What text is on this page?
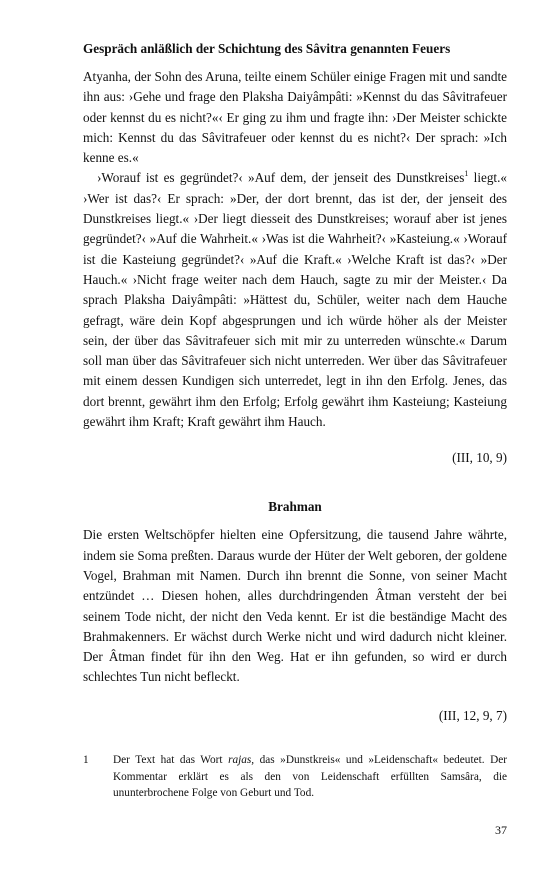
Gespräch anläßlich der Schichtung des Sâvitra genannten Feuers

Atyanha, der Sohn des Aruna, teilte einem Schüler einige Fragen mit und sandte ihn aus: ›Gehe und frage den Plaksha Daiyâmpâti: »Kennst du das Sâvitrafeuer oder kennst du es nicht?«‹ Er ging zu ihm und fragte ihn: ›Der Meister schickte mich: Kennst du das Sâvitrafeuer oder kennst du es nicht?‹ Der sprach: »Ich kenne es.«

›Worauf ist es gegründet?‹ »Auf dem, der jenseit des Dunstkreises$^1$ liegt.« ›Wer ist das?‹ Er sprach: »Der, der dort brennt, das ist der, der jenseit des Dunstkreises liegt.« ›Der liegt diesseit des Dunstkreises; worauf aber ist jenes gegründet?‹ »Auf die Wahrheit.« ›Was ist die Wahrheit?‹ »Kasteiung.« ›Worauf ist die Kasteiung gegründet?‹ »Auf die Kraft.« ›Welche Kraft ist das?‹ »Der Hauch.« ›Nicht frage weiter nach dem Hauch, sagte zu mir der Meister.‹ Da sprach Plaksha Daiyâmpâti: »Hättest du, Schüler, weiter nach dem Hauche gefragt, wäre dein Kopf abgesprungen und ich würde höher als der Meister sein, der über das Sâvitrafeuer sich mit mir zu unterreden wünschte.« Darum soll man über das Sâvitrafeuer sich nicht unterreden. Wer über das Sâvitrafeuer mit einem dessen Kundigen sich unterredet, legt in ihn den Erfolg. Jenes, das dort brennt, gewährt ihm den Erfolg; Erfolg gewährt ihm Kasteiung; Kasteiung gewährt ihm Kraft; Kraft gewährt ihm Hauch.

(III, 10, 9)

Brahman

Die ersten Weltschöpfer hielten eine Opfersitzung, die tausend Jahre währte, indem sie Soma preßten. Daraus wurde der Hüter der Welt geboren, der goldene Vogel, Brahman mit Namen. Durch ihn brennt die Sonne, von seiner Macht entzündet … Diesen hohen, alles durchdringenden Âtman versteht der bei seinem Tode nicht, der nicht den Veda kennt. Er ist die beständige Macht des Brahmakenners. Er wächst durch Werke nicht und wird dadurch nicht kleiner. Der Âtman findet für ihn den Weg. Hat er ihn gefunden, so wird er durch schlechtes Tun nicht befleckt.

(III, 12, 9, 7)

1	Der Text hat das Wort rajas, das »Dunstkreis« und »Leidenschaft« bedeutet. Der Kommentar erklärt es als den von Leidenschaft erfüllten Samsâra, die ununterbrochene Folge von Geburt und Tod.
37
